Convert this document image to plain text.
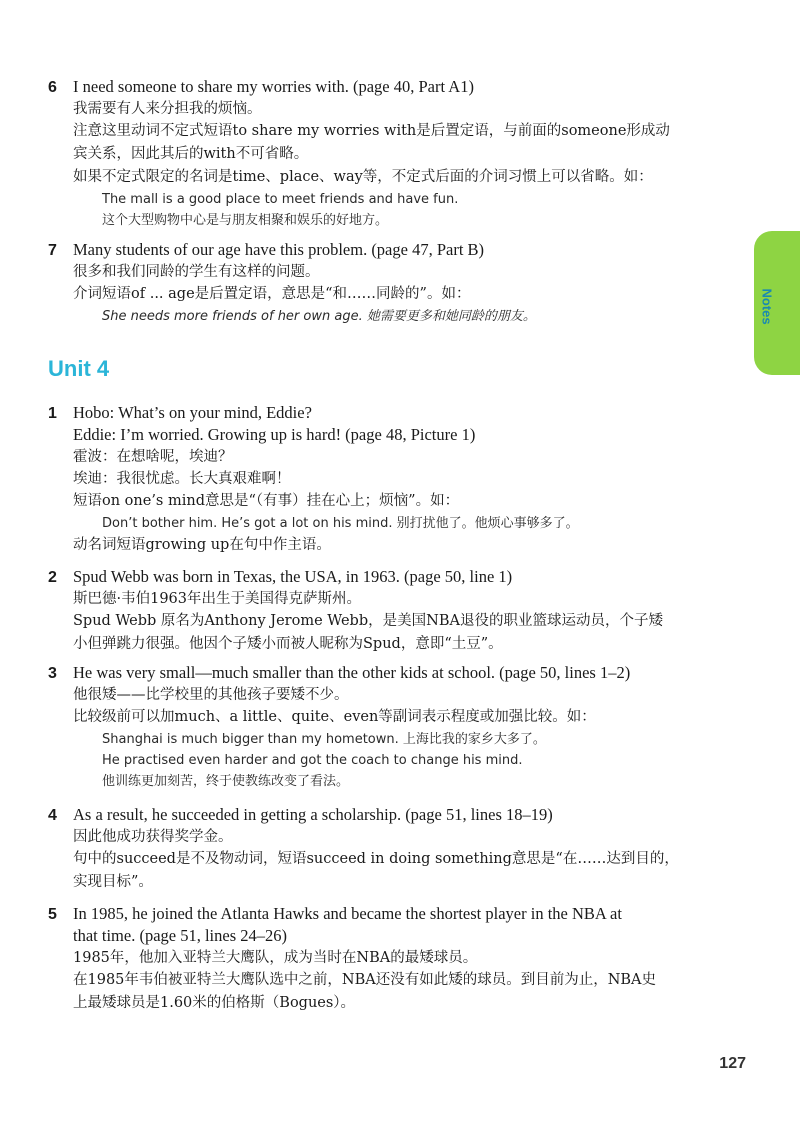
6 I need someone to share my worries with. (page 40, Part A1)
我需要有人来分担我的烦恼。
注意这里动词不定式短语to share my worries with是后置定语，与前面的someone形成动
宾关系，因此其后的with不可省略。
如果不定式限定的名词是time、place、way等，不定式后面的介词习惯上可以省略。如：
The mall is a good place to meet friends and have fun.
这个大型购物中心是与朋友相聚和娱乐的好地方。
7 Many students of our age have this problem. (page 47, Part B)
很多和我们同龄的学生有这样的问题。
介词短语of ... age是后置定语，意思是“和……同龄的”。如：
She needs more friends of her own age. 她需要更多和她同龄的朋友。
Unit 4
1 Hobo: What’s on your mind, Eddie?
Eddie: I’m worried. Growing up is hard! (page 48, Picture 1)
霍波：在想啥呢，埃迪？
埃迪：我很忧虑。长大真艰难啊！
短语on one’s mind意思是“（有事）挂在心上；烦恼”。如：
Don’t bother him. He’s got a lot on his mind. 别打扰他了。他烦心事够多了。
动名词短语growing up在句中作主语。
2 Spud Webb was born in Texas, the USA, in 1963. (page 50, line 1)
斯巴德·韦伯1963年出生于美国得克萨斯州。
Spud Webb 原名为Anthony Jerome Webb，是美国NBA退役的职业篮球运动员，个子矮
小但弹跳力很强。他因个子矮小而被人昵称为Spud，意即“土豆”。
3 He was very small—much smaller than the other kids at school. (page 50, lines 1–2)
他很矮——比学校里的其他孩子要矮不少。
比较级前可以加much、a little、quite、even等副词表示程度或加强比较。如：
Shanghai is much bigger than my hometown. 上海比我的家乡大多了。
He practised even harder and got the coach to change his mind.
他训练更加刻苦，终于使教练改变了看法。
4 As a result, he succeeded in getting a scholarship. (page 51, lines 18–19)
因此他成功获得奖学金。
句中的succeed是不及物动词，短语succeed in doing something意思是“在……达到目的，
实现目标”。
5 In 1985, he joined the Atlanta Hawks and became the shortest player in the NBA at
that time. (page 51, lines 24–26)
1985年，他加入亚特兰大鹰队，成为当时在NBA的最矮球员。
在1985年韦伯被亚特兰大鹰队选中之前，NBA还没有如此矮的球员。到目前为止，NBA史
上最矮球员是1.60米的伯格斯（Bogues）。
Notes
127
